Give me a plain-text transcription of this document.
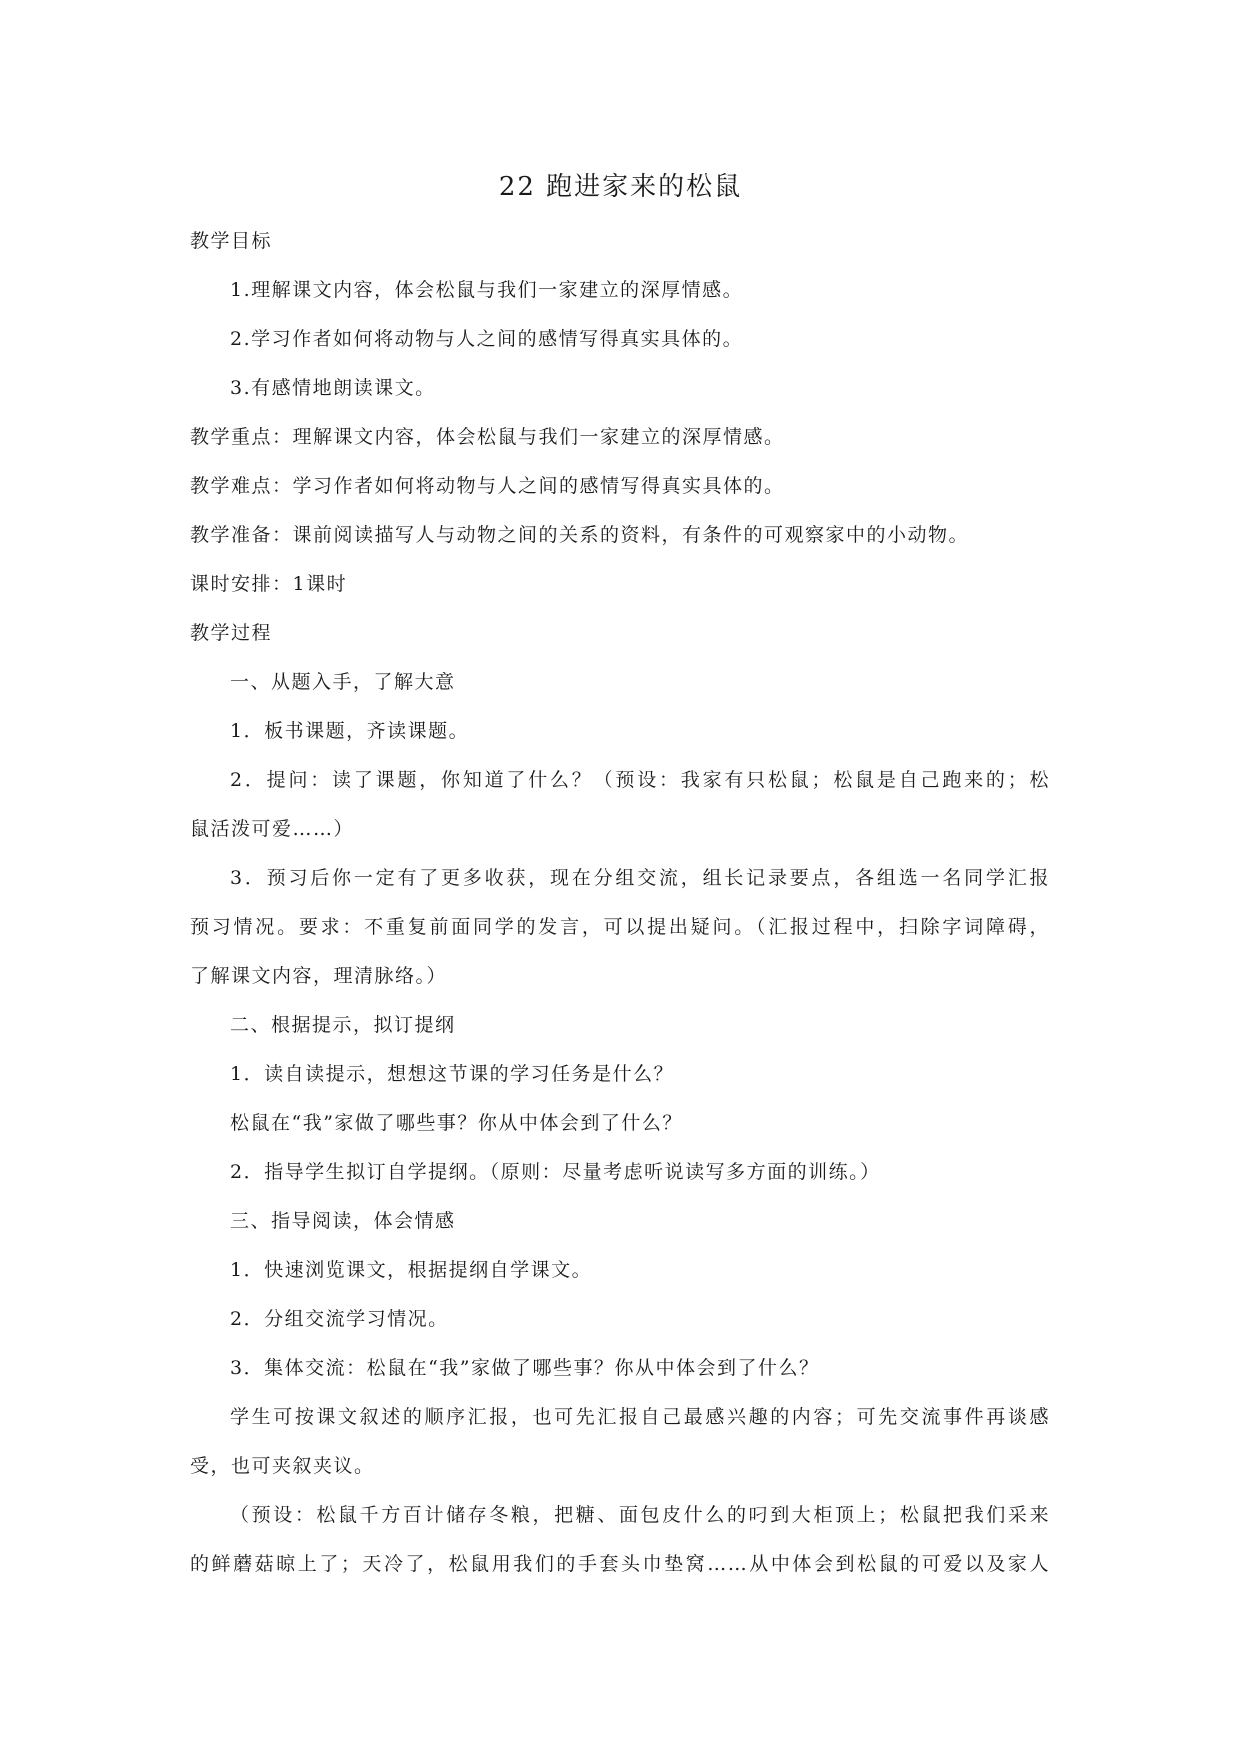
22 跑进家来的松鼠
教学目标
1.理解课文内容，体会松鼠与我们一家建立的深厚情感。
2.学习作者如何将动物与人之间的感情写得真实具体的。
3.有感情地朗读课文。
教学重点：理解课文内容，体会松鼠与我们一家建立的深厚情感。
教学难点：学习作者如何将动物与人之间的感情写得真实具体的。
教学准备：课前阅读描写人与动物之间的关系的资料，有条件的可观察家中的小动物。
课时安排：1课时
教学过程
一、从题入手，了解大意
1．板书课题，齐读课题。
2．提问：读了课题，你知道了什么？（预设：我家有只松鼠；松鼠是自己跑来的；松
鼠活泼可爱……）
3．预习后你一定有了更多收获，现在分组交流，组长记录要点，各组选一名同学汇报
预习情况。要求：不重复前面同学的发言，可以提出疑问。（汇报过程中，扫除字词障碍，
了解课文内容，理清脉络。）
二、根据提示，拟订提纲
1．读自读提示，想想这节课的学习任务是什么？
松鼠在“我”家做了哪些事？你从中体会到了什么？
2．指导学生拟订自学提纲。（原则：尽量考虑听说读写多方面的训练。）
三、指导阅读，体会情感
1．快速浏览课文，根据提纲自学课文。
2．分组交流学习情况。
3．集体交流：松鼠在“我”家做了哪些事？你从中体会到了什么？
学生可按课文叙述的顺序汇报，也可先汇报自己最感兴趣的内容；可先交流事件再谈感
受，也可夹叙夹议。
（预设：松鼠千方百计储存冬粮，把糖、面包皮什么的叼到大柜顶上；松鼠把我们采来
的鲜蘑菇晾上了；天冷了，松鼠用我们的手套头巾垫窝……从中体会到松鼠的可爱以及家人
